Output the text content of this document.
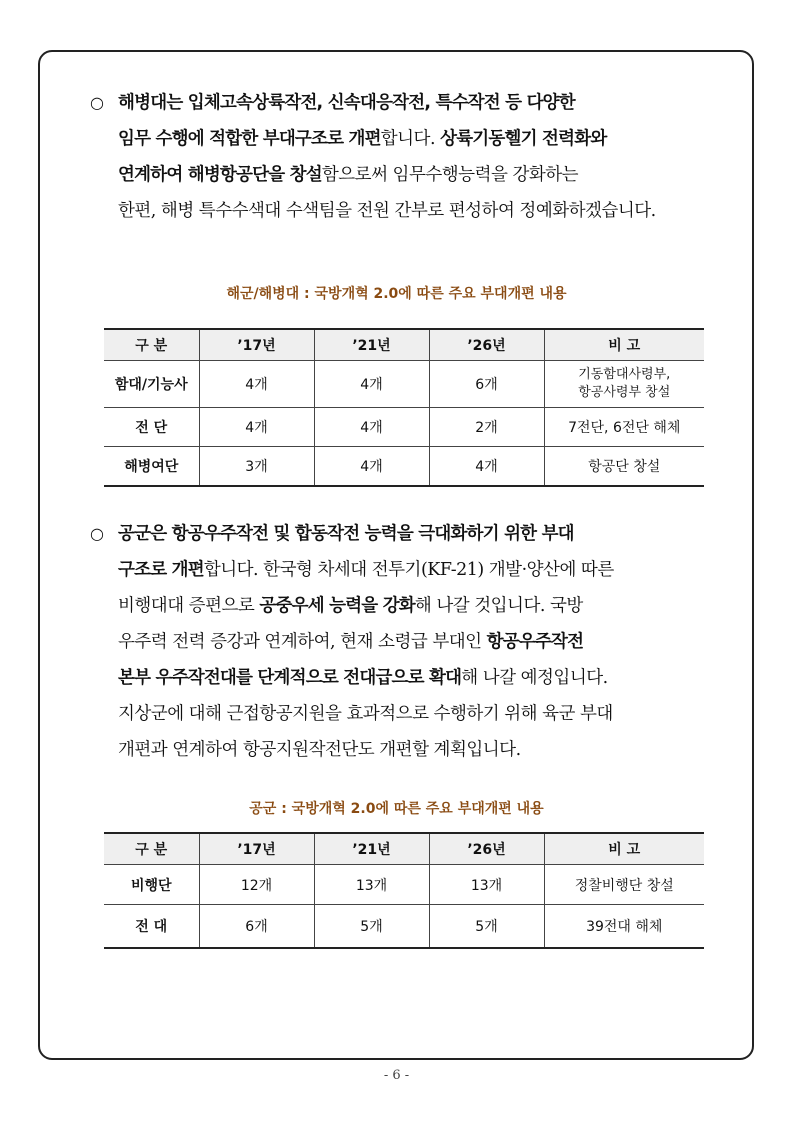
○ 해병대는 입체고속상륙작전, 신속대응작전, 특수작전 등 다양한
임무 수행에 적합한 부대구조로 개편합니다. 상륙기동헬기 전력화와
연계하여 해병항공단을 창설함으로써 임무수행능력을 강화하는
한편, 해병 특수수색대 수색팀을 전원 간부로 편성하여 정예화하겠습니다.
해군/해병대 : 국방개혁 2.0에 따른 주요 부대개편 내용
구 분	’17년	’21년	’26년	비 고
함대/기능사	4개	4개	6개	기동함대사령부,
항공사령부 창설

전 단	4개	4개	2개	7전단, 6전단 해체
해병여단	3개	4개	4개	항공단 창설
○ 공군은 항공우주작전 및 합동작전 능력을 극대화하기 위한 부대
구조로 개편합니다. 한국형 차세대 전투기(KF-21) 개발·양산에 따른
비행대대 증편으로 공중우세 능력을 강화해 나갈 것입니다. 국방
우주력 전력 증강과 연계하여, 현재 소령급 부대인 항공우주작전
본부 우주작전대를 단계적으로 전대급으로 확대해 나갈 예정입니다.
지상군에 대해 근접항공지원을 효과적으로 수행하기 위해 육군 부대
개편과 연계하여 항공지원작전단도 개편할 계획입니다.
공군 : 국방개혁 2.0에 따른 주요 부대개편 내용
구 분	’17년	’21년	’26년	비 고
비행단	12개	13개	13개	정찰비행단 창설
전 대	6개	5개	5개	39전대 해체
- 6 -
